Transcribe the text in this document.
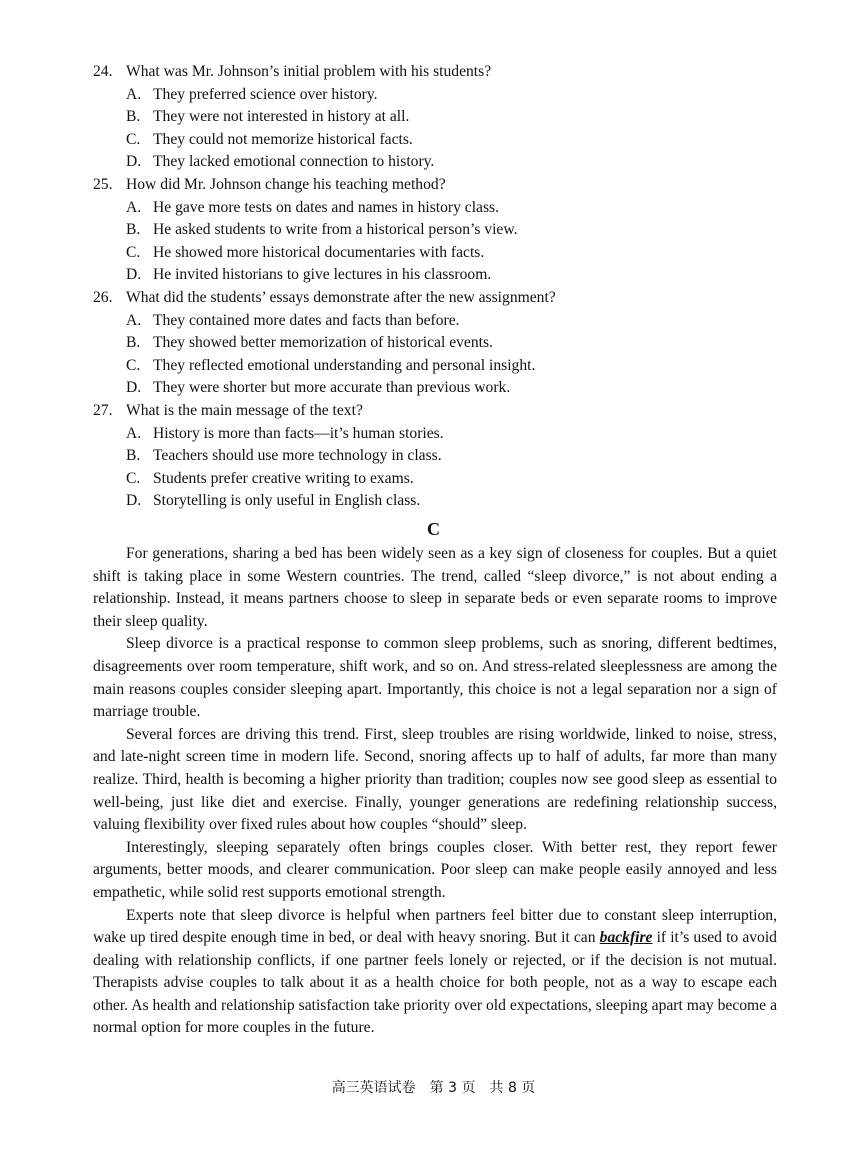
24. What was Mr. Johnson’s initial problem with his students?
A. They preferred science over history.
B. They were not interested in history at all.
C. They could not memorize historical facts.
D. They lacked emotional connection to history.
25. How did Mr. Johnson change his teaching method?
A. He gave more tests on dates and names in history class.
B. He asked students to write from a historical person’s view.
C. He showed more historical documentaries with facts.
D. He invited historians to give lectures in his classroom.
26. What did the students’ essays demonstrate after the new assignment?
A. They contained more dates and facts than before.
B. They showed better memorization of historical events.
C. They reflected emotional understanding and personal insight.
D. They were shorter but more accurate than previous work.
27. What is the main message of the text?
A. History is more than facts—it’s human stories.
B. Teachers should use more technology in class.
C. Students prefer creative writing to exams.
D. Storytelling is only useful in English class.
C

For generations, sharing a bed has been widely seen as a key sign of closeness for couples. But a quiet shift is taking place in some Western countries. The trend, called “sleep divorce,” is not about ending a relationship. Instead, it means partners choose to sleep in separate beds or even separate rooms to improve their sleep quality.

Sleep divorce is a practical response to common sleep problems, such as snoring, different bedtimes, disagreements over room temperature, shift work, and so on. And stress-related sleeplessness are among the main reasons couples consider sleeping apart. Importantly, this choice is not a legal separation nor a sign of marriage trouble.

Several forces are driving this trend. First, sleep troubles are rising worldwide, linked to noise, stress, and late-night screen time in modern life. Second, snoring affects up to half of adults, far more than many realize. Third, health is becoming a higher priority than tradition; couples now see good sleep as essential to well-being, just like diet and exercise. Finally, younger generations are redefining relationship success, valuing flexibility over fixed rules about how couples “should” sleep.

Interestingly, sleeping separately often brings couples closer. With better rest, they report fewer arguments, better moods, and clearer communication. Poor sleep can make people easily annoyed and less empathetic, while solid rest supports emotional strength.

Experts note that sleep divorce is helpful when partners feel bitter due to constant sleep interruption, wake up tired despite enough time in bed, or deal with heavy snoring. But it can backfire if it’s used to avoid dealing with relationship conflicts, if one partner feels lonely or rejected, or if the decision is not mutual. Therapists advise couples to talk about it as a health choice for both people, not as a way to escape each other. As health and relationship satisfaction take priority over old expectations, sleeping apart may become a normal option for more couples in the future.

高三英语试卷　第 3 页　共 8 页
